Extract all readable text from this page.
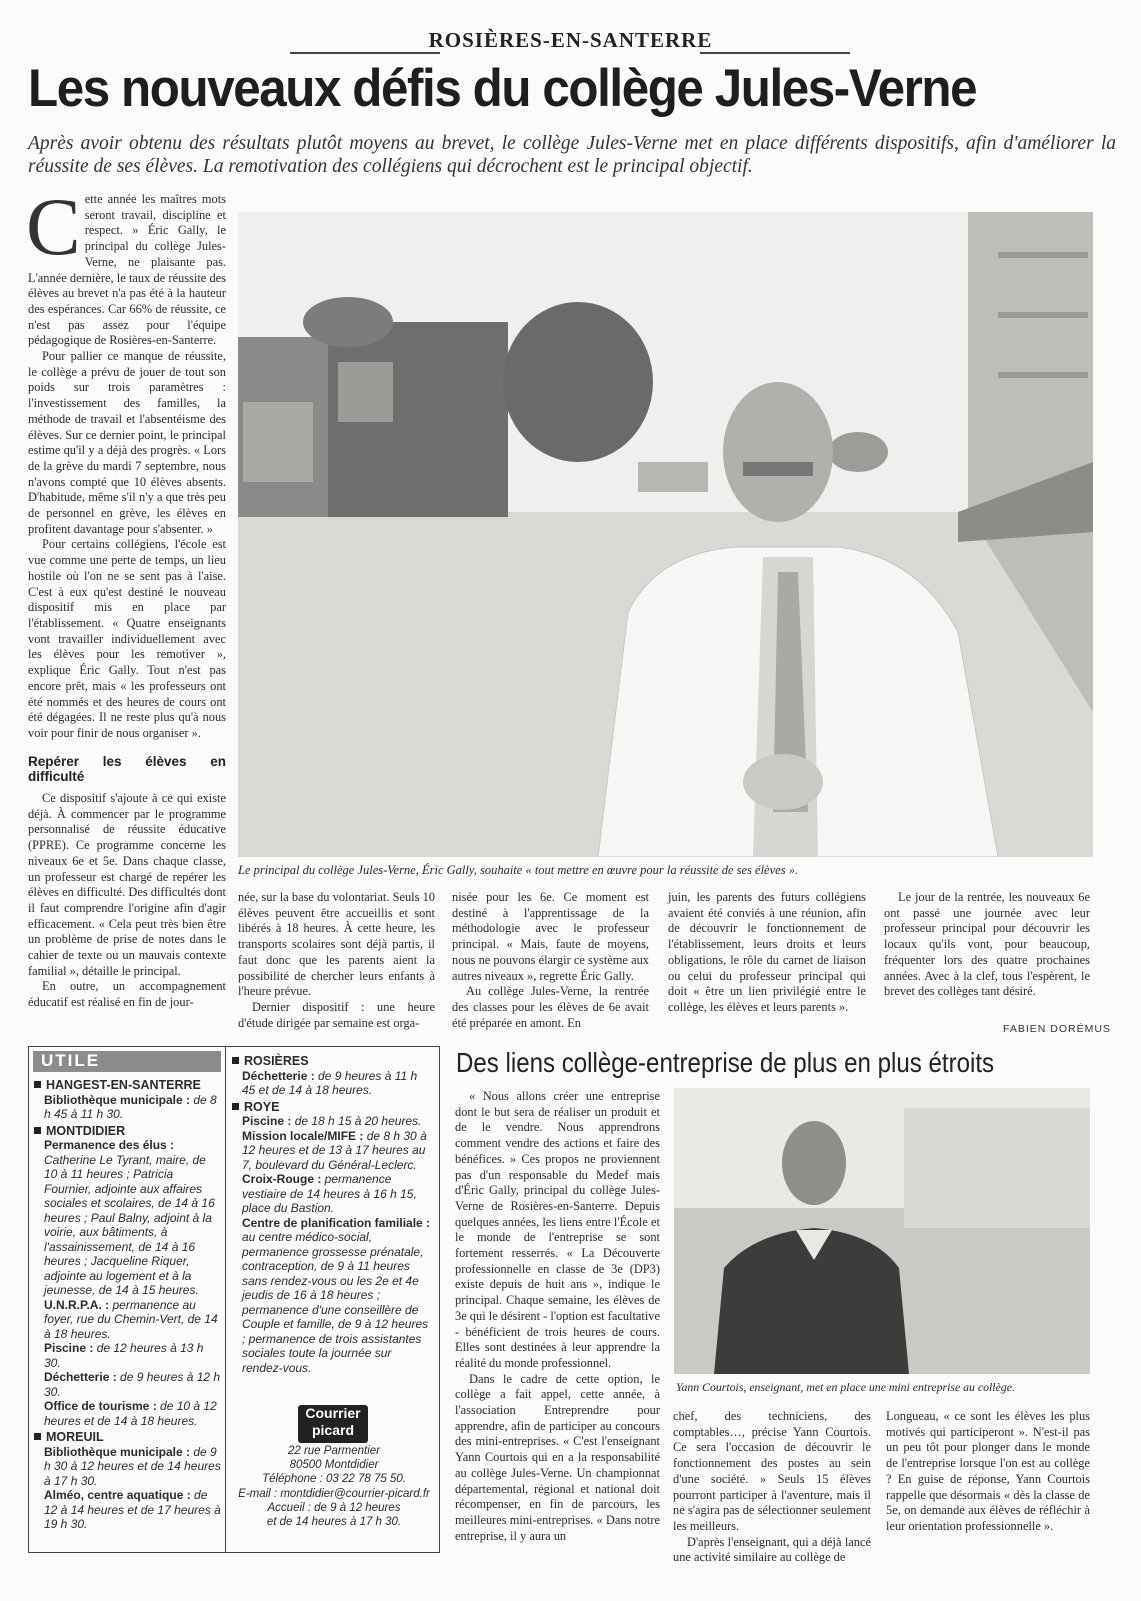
ROSIÈRES-EN-SANTERRE
Les nouveaux défis du collège Jules-Verne
Après avoir obtenu des résultats plutôt moyens au brevet, le collège Jules-Verne met en place différents dispositifs, afin d'améliorer la réussite de ses élèves. La remotivation des collégiens qui décrochent est le principal objectif.

Cette année les maîtres mots seront travail, discipline et respect. » Éric Gally, le principal du collège Jules-Verne, ne plaisante pas. L'année dernière, le taux de réussite des élèves au brevet n'a pas été à la hauteur des espérances. Car 66% de réussite, ce n'est pas assez pour l'équipe pédagogique de Rosières-en-Santerre.

Pour pallier ce manque de réussite, le collège a prévu de jouer de tout son poids sur trois paramètres : l'investissement des familles, la méthode de travail et l'absentéisme des élèves. Sur ce dernier point, le principal estime qu'il y a déjà des progrès. « Lors de la grève du mardi 7 septembre, nous n'avons compté que 10 élèves absents. D'habitude, même s'il n'y a que très peu de personnel en grève, les élèves en profitent davantage pour s'absenter. »

Pour certains collégiens, l'école est vue comme une perte de temps, un lieu hostile où l'on ne se sent pas à l'aise. C'est à eux qu'est destiné le nouveau dispositif mis en place par l'établissement. « Quatre enseignants vont travailler individuellement avec les élèves pour les remotiver », explique Éric Gally. Tout n'est pas encore prêt, mais « les professeurs ont été nommés et des heures de cours ont été dégagées. Il ne reste plus qu'à nous voir pour finir de nous organiser ».

Repérer les élèves en difficulté

Ce dispositif s'ajoute à ce qui existe déjà. À commencer par le programme personnalisé de réussite éducative (PPRE). Ce programme concerne les niveaux 6e et 5e. Dans chaque classe, un professeur est chargé de repérer les élèves en difficulté. Des difficultés dont il faut comprendre l'origine afin d'agir efficacement. « Cela peut très bien être un problème de prise de notes dans le cahier de texte ou un mauvais contexte familial », détaille le principal.

En outre, un accompagnement éducatif est réalisé en fin de jour-

Le principal du collège Jules-Verne, Éric Gally, souhaite « tout mettre en œuvre pour la réussite de ses élèves ».

née, sur la base du volontariat. Seuls 10 élèves peuvent être accueillis et sont libérés à 18 heures. À cette heure, les transports scolaires sont déjà partis, il faut donc que les parents aient la possibilité de chercher leurs enfants à l'heure prévue.

Dernier dispositif : une heure d'étude dirigée par semaine est orga-

nisée pour les 6e. Ce moment est destiné à l'apprentissage de la méthodologie avec le professeur principal. « Mais, faute de moyens, nous ne pouvons élargir ce système aux autres niveaux », regrette Éric Gally.

Au collège Jules-Verne, la rentrée des classes pour les élèves de 6e avait été préparée en amont. En

juin, les parents des futurs collégiens avaient été conviés à une réunion, afin de découvrir le fonctionnement de l'établissement, leurs droits et leurs obligations, le rôle du carnet de liaison ou celui du professeur principal qui doit « être un lien privilégié entre le collège, les élèves et leurs parents ».

Le jour de la rentrée, les nouveaux 6e ont passé une journée avec leur professeur principal pour découvrir les locaux qu'ils vont, pour beaucoup, fréquenter lors des quatre prochaines années. Avec à la clef, tous l'espèrent, le brevet des collèges tant désiré.

FABIEN DORÉMUS
UTILE
HANGEST-EN-SANTERRE
Bibliothèque municipale : de 8 h 45 à 11 h 30.
MONTDIDIER
Permanence des élus : Catherine Le Tyrant, maire, de 10 à 11 heures ; Patricia Fournier, adjointe aux affaires sociales et scolaires, de 14 à 16 heures ; Paul Balny, adjoint à la voirie, aux bâtiments, à l'assainissement, de 14 à 16 heures ; Jacqueline Riquer, adjointe au logement et à la jeunesse, de 14 à 15 heures.
U.N.R.P.A. : permanence au foyer, rue du Chemin-Vert, de 14 à 18 heures.
Piscine : de 12 heures à 13 h 30.
Déchetterie : de 9 heures à 12 h 30.
Office de tourisme : de 10 à 12 heures et de 14 à 18 heures.
MOREUIL
Bibliothèque municipale : de 9 h 30 à 12 heures et de 14 heures à 17 h 30.
Alméo, centre aquatique : de 12 à 14 heures et de 17 heures à 19 h 30.
ROSIÈRES
Déchetterie : de 9 heures à 11 h 45 et de 14 à 18 heures.
ROYE
Piscine : de 18 h 15 à 20 heures.
Mission locale/MIFE : de 8 h 30 à 12 heures et de 13 à 17 heures au 7, boulevard du Général-Leclerc.
Croix-Rouge : permanence vestiaire de 14 heures à 16 h 15, place du Bastion.
Centre de planification familiale : au centre médico-social, permanence grossesse prénatale, contraception, de 9 à 11 heures sans rendez-vous ou les 2e et 4e jeudis de 16 à 18 heures ; permanence d'une conseillère de Couple et famille, de 9 à 12 heures ; permanence de trois assistantes sociales toute la journée sur rendez-vous.
Courrier
picard
22 rue Parmentier
80500 Montdidier
Téléphone : 03 22 78 75 50.
E-mail : montdidier@courrier-picard.fr
Accueil : de 9 à 12 heures
et de 14 heures à 17 h 30.
Des liens collège-entreprise de plus en plus étroits

« Nous allons créer une entreprise dont le but sera de réaliser un produit et de le vendre. Nous apprendrons comment vendre des actions et faire des bénéfices. » Ces propos ne proviennent pas d'un responsable du Medef mais d'Éric Gally, principal du collège Jules-Verne de Rosières-en-Santerre. Depuis quelques années, les liens entre l'École et le monde de l'entreprise se sont fortement resserrés. « La Découverte professionnelle en classe de 3e (DP3) existe depuis de huit ans », indique le principal. Chaque semaine, les élèves de 3e qui le désirent - l'option est facultative - bénéficient de trois heures de cours. Elles sont destinées à leur apprendre la réalité du monde professionnel.

Dans le cadre de cette option, le collège a fait appel, cette année, à l'association Entreprendre pour apprendre, afin de participer au concours des mini-entreprises. « C'est l'enseignant Yann Courtois qui en a la responsabilité au collège Jules-Verne. Un championnat départemental, régional et national doit récompenser, en fin de parcours, les meilleures mini-entreprises. « Dans notre entreprise, il y aura un

Yann Courtois, enseignant, met en place une mini entreprise au collège.

chef, des techniciens, des comptables…, précise Yann Courtois. Ce sera l'occasion de découvrir le fonctionnement des postes au sein d'une société. » Seuls 15 élèves pourront participer à l'aventure, mais il ne s'agira pas de sélectionner seulement les meilleurs.

D'après l'enseignant, qui a déjà lancé une activité similaire au collège de

Longueau, « ce sont les élèves les plus motivés qui participeront ». N'est-il pas un peu tôt pour plonger dans le monde de l'entreprise lorsque l'on est au collège ? En guise de réponse, Yann Courtois rappelle que désormais « dès la classe de 5e, on demande aux élèves de réfléchir à leur orientation professionnelle ».
